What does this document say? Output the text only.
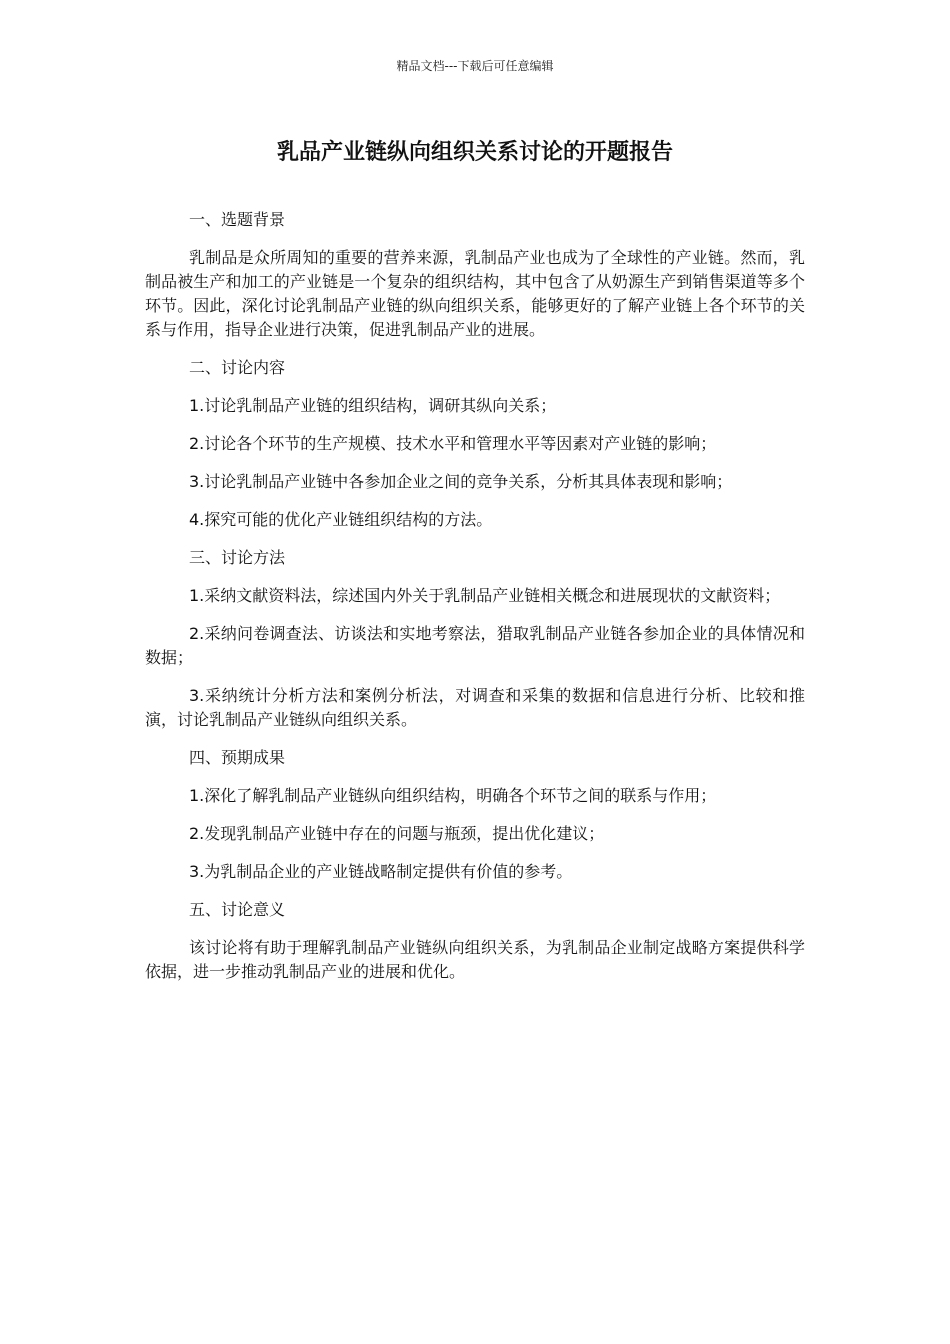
精品文档---下载后可任意编辑
乳品产业链纵向组织关系讨论的开题报告

一、选题背景

乳制品是众所周知的重要的营养来源，乳制品产业也成为了全球性的产业链。然而，乳制品被生产和加工的产业链是一个复杂的组织结构，其中包含了从奶源生产到销售渠道等多个环节。因此，深化讨论乳制品产业链的纵向组织关系，能够更好的了解产业链上各个环节的关系与作用，指导企业进行决策，促进乳制品产业的进展。

二、讨论内容

1.讨论乳制品产业链的组织结构，调研其纵向关系；

2.讨论各个环节的生产规模、技术水平和管理水平等因素对产业链的影响；

3.讨论乳制品产业链中各参加企业之间的竞争关系，分析其具体表现和影响；

4.探究可能的优化产业链组织结构的方法。

三、讨论方法

1.采纳文献资料法，综述国内外关于乳制品产业链相关概念和进展现状的文献资料；

2.采纳问卷调查法、访谈法和实地考察法，猎取乳制品产业链各参加企业的具体情况和数据；

3.采纳统计分析方法和案例分析法，对调查和采集的数据和信息进行分析、比较和推演，讨论乳制品产业链纵向组织关系。

四、预期成果

1.深化了解乳制品产业链纵向组织结构，明确各个环节之间的联系与作用；

2.发现乳制品产业链中存在的问题与瓶颈，提出优化建议；

3.为乳制品企业的产业链战略制定提供有价值的参考。

五、讨论意义

该讨论将有助于理解乳制品产业链纵向组织关系，为乳制品企业制定战略方案提供科学依据，进一步推动乳制品产业的进展和优化。
